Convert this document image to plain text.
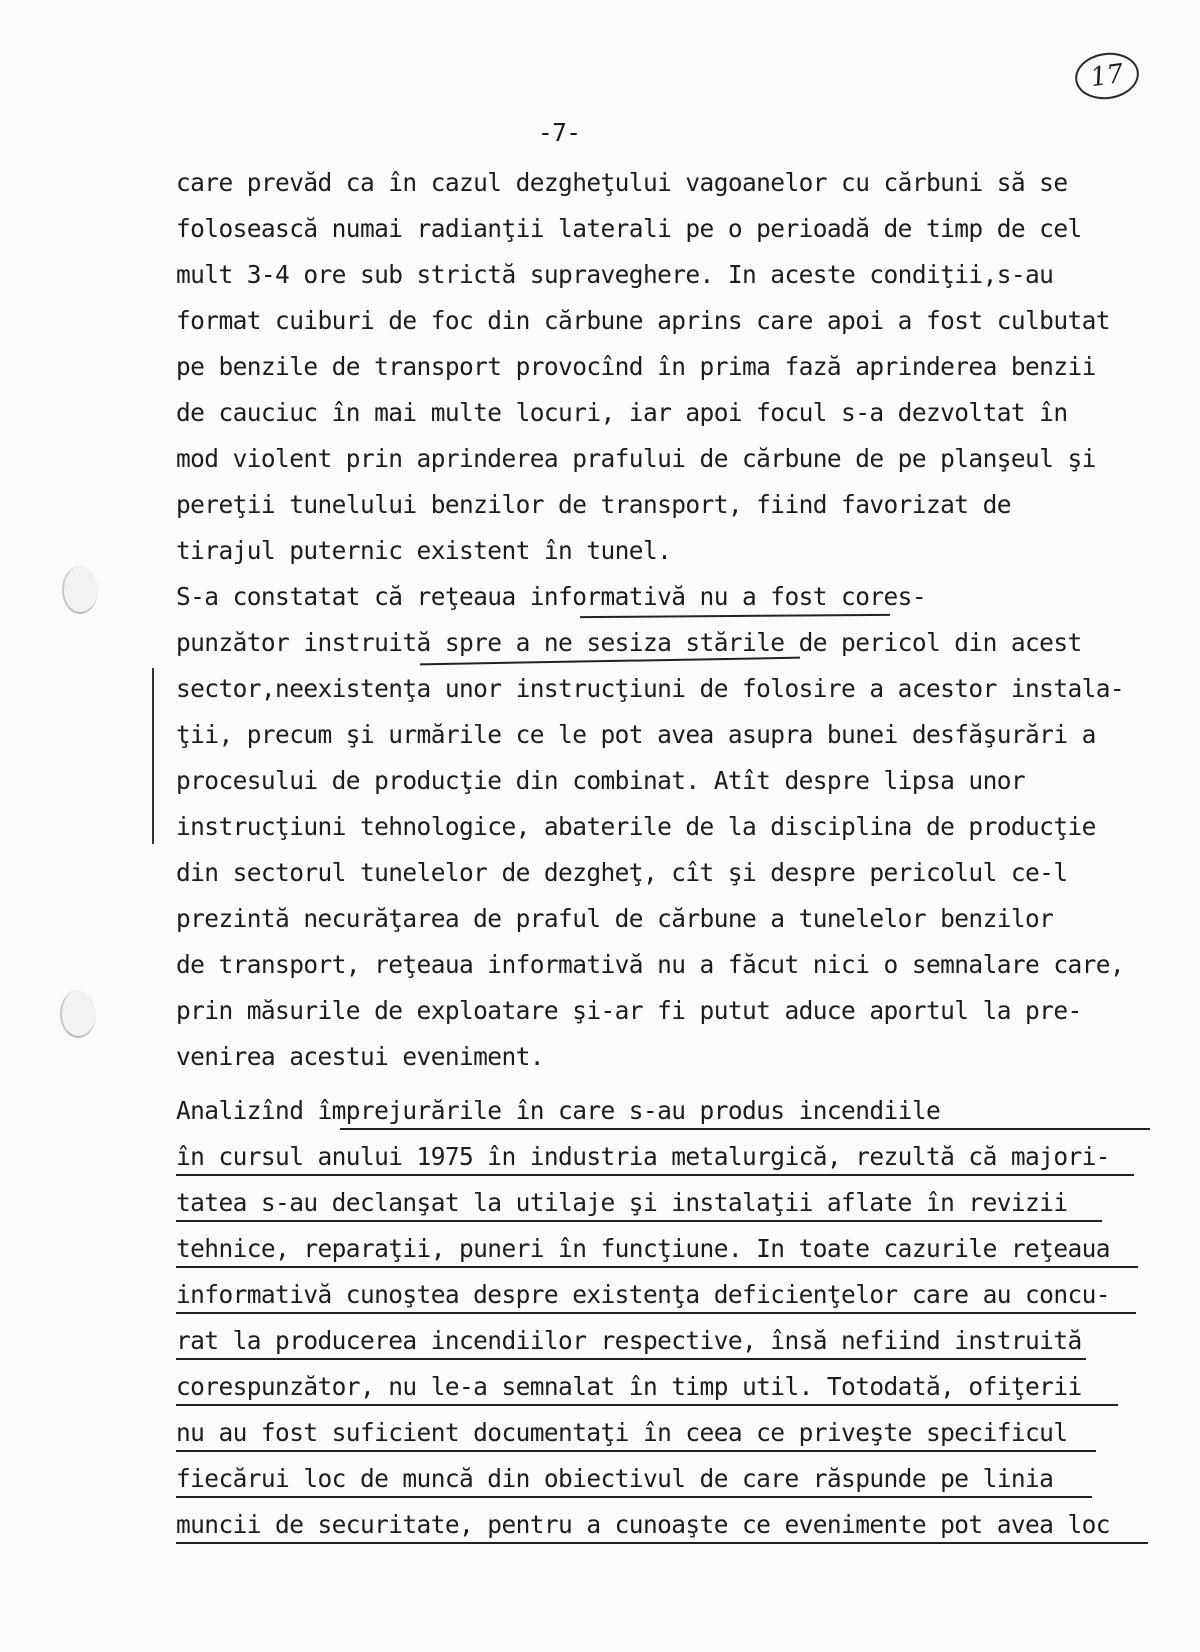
17
-7-
care prevăd ca în cazul dezgheţului vagoanelor cu cărbuni să se
folosească numai radianţii laterali pe o perioadă de timp de cel
mult 3-4 ore sub strictă supraveghere. In aceste condiţii,s-au
format cuiburi de foc din cărbune aprins care apoi a fost culbutat
pe benzile de transport provocînd în prima fază aprinderea benzii
de cauciuc în mai multe locuri, iar apoi focul s-a dezvoltat în
mod violent prin aprinderea prafului de cărbune de pe planşeul şi
pereţii tunelului benzilor de transport, fiind favorizat de
tirajul puternic existent în tunel.
S-a constatat că reţeaua informativă nu a fost cores-
punzător instruită spre a ne sesiza stările de pericol din acest
sector,neexistenţa unor instrucţiuni de folosire a acestor instala-
ţii, precum şi urmările ce le pot avea asupra bunei desfăşurări a
procesului de producţie din combinat. Atît despre lipsa unor
instrucţiuni tehnologice, abaterile de la disciplina de producţie
din sectorul tunelelor de dezgheţ, cît şi despre pericolul ce-l
prezintă necurăţarea de praful de cărbune a tunelelor benzilor
de transport, reţeaua informativă nu a făcut nici o semnalare care,
prin măsurile de exploatare şi-ar fi putut aduce aportul la pre-
venirea acestui eveniment.
Analizînd împrejurările în care s-au produs incendiile
în cursul anului 1975 în industria metalurgică, rezultă că majori-
tatea s-au declanşat la utilaje şi instalaţii aflate în revizii
tehnice, reparaţii, puneri în funcţiune. In toate cazurile reţeaua
informativă cunoştea despre existenţa deficienţelor care au concu-
rat la producerea incendiilor respective, însă nefiind instruită
corespunzător, nu le-a semnalat în timp util. Totodată, ofiţerii
nu au fost suficient documentaţi în ceea ce priveşte specificul
fiecărui loc de muncă din obiectivul de care răspunde pe linia
muncii de securitate, pentru a cunoaşte ce evenimente pot avea loc
